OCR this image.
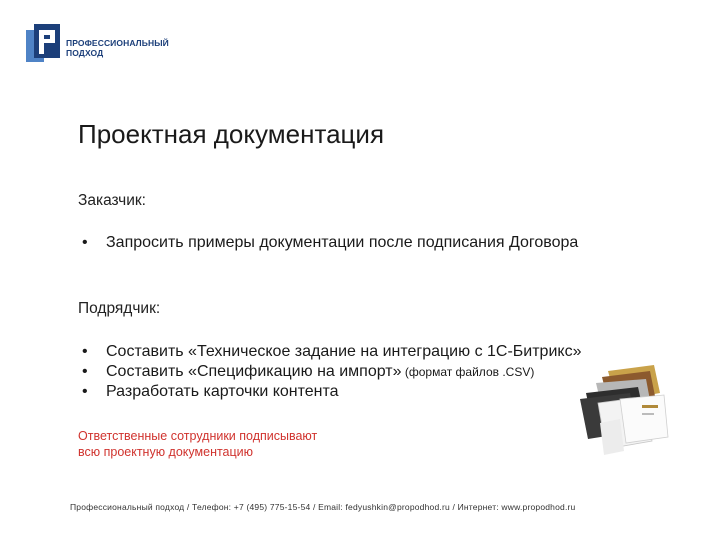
ПРОФЕССИОНАЛЬНЫЙ
ПОДХОД
Проектная документация
Заказчик:
• Запросить примеры документации после подписания Договора
Подрядчик:
• Составить «Техническое задание на интеграцию с 1С-Битрикс»
• Составить «Спецификацию на импорт» (формат файлов .CSV)
• Разработать карточки контента
Ответственные сотрудники подписывают
всю проектную документацию
Профессиональный подход / Телефон: +7 (495) 775-15-54 / Email: fedyushkin@propodhod.ru / Интернет: www.propodhod.ru
